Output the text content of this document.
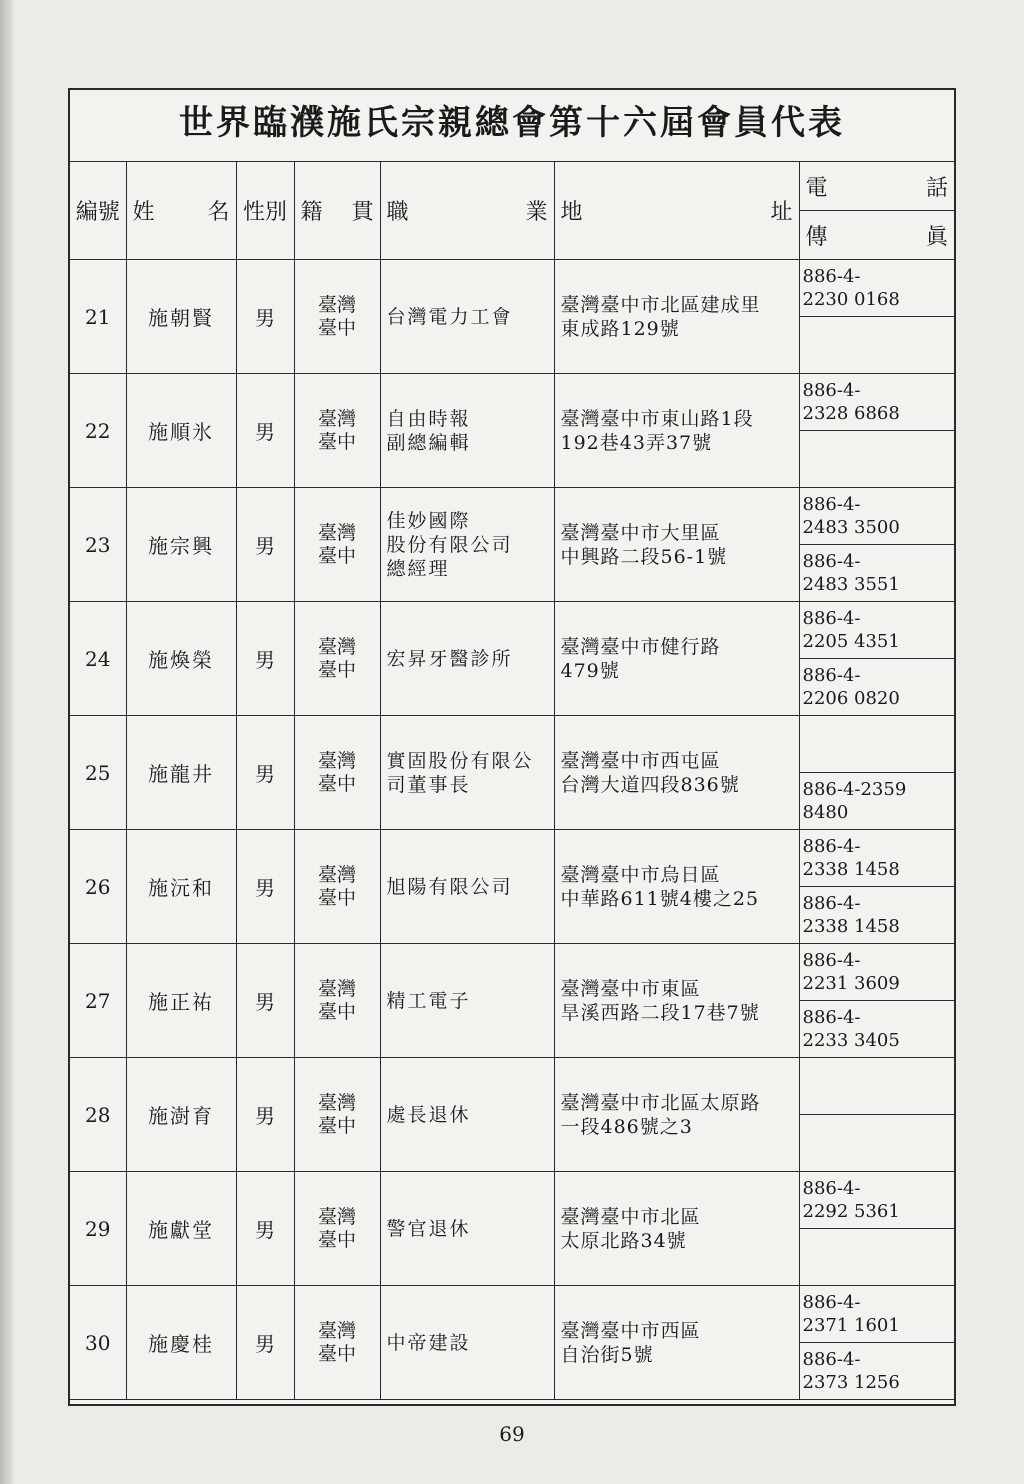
世界臨濮施氏宗親總會第十六屆會員代表
編號	姓 名	性別	籍 貫	職 業	地 址	電 話

						傳 眞

21	施朝賢	男	臺灣
臺中	台灣電力工會	臺灣臺中市北區建成里
東成路129號	886-4-
2230 0168

22	施順氷	男	臺灣
臺中	自由時報
副總編輯	臺灣臺中市東山路1段
192巷43弄37號	886-4-
2328 6868

23	施宗興	男	臺灣
臺中	佳妙國際
股份有限公司
總經理	臺灣臺中市大里區
中興路二段56-1號	886-4-
2483 3500

						886-4-
2483 3551

24	施煥榮	男	臺灣
臺中	宏昇牙醫診所	臺灣臺中市健行路
479號	886-4-
2205 4351

						886-4-
2206 0820

25	施龍井	男	臺灣
臺中	實固股份有限公
司董事長	臺灣臺中市西屯區
台灣大道四段836號	

						886-4-2359
8480

26	施沅和	男	臺灣
臺中	旭陽有限公司	臺灣臺中市烏日區
中華路611號4樓之25	886-4-
2338 1458

						886-4-
2338 1458

27	施正祐	男	臺灣
臺中	精工電子	臺灣臺中市東區
旱溪西路二段17巷7號	886-4-
2231 3609

						886-4-
2233 3405

28	施澍育	男	臺灣
臺中	處長退休	臺灣臺中市北區太原路
一段486號之3	

29	施獻堂	男	臺灣
臺中	警官退休	臺灣臺中市北區
太原北路34號	886-4-
2292 5361

30	施慶桂	男	臺灣
臺中	中帝建設	臺灣臺中市西區
自治街5號	886-4-
2371 1601

						886-4-
2373 1256
69
